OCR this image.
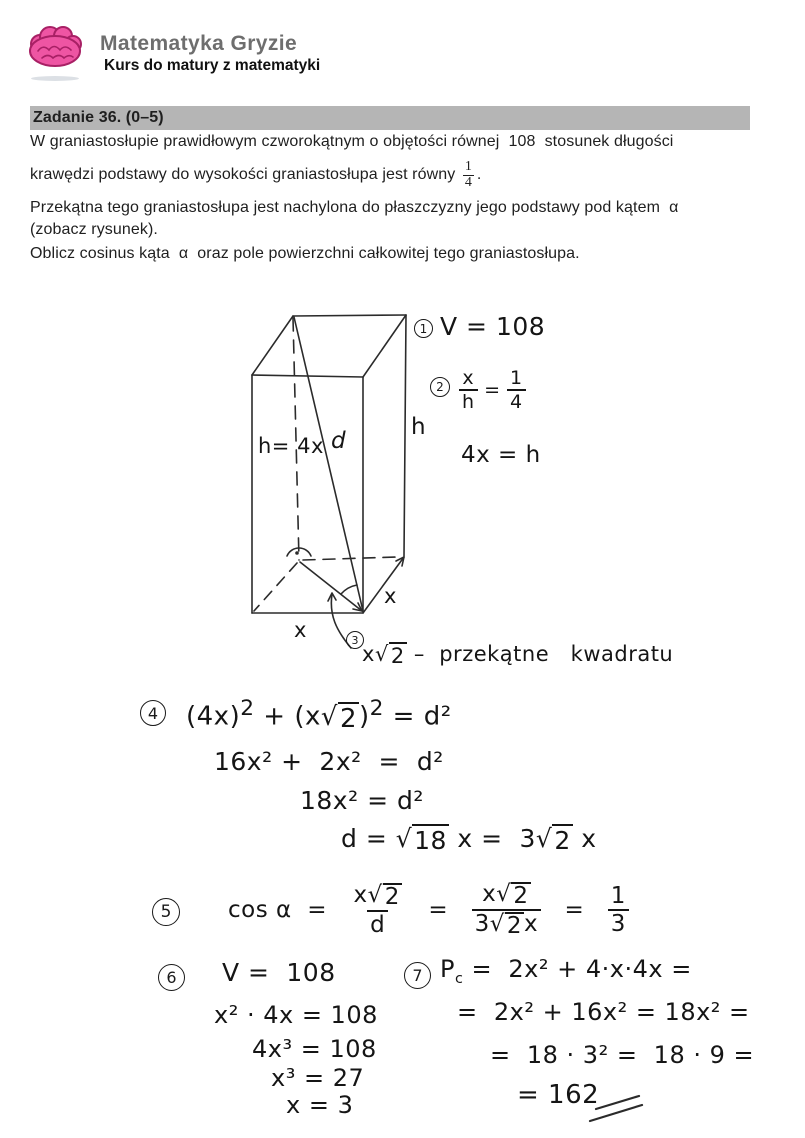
Matematyka Gryzie
Kurs do matury z matematyki
Zadanie 36. (0–5)
W graniastosłupie prawidłowym czworokątnym o objętości równej  108  stosunek długości
krawędzi podstawy do wysokości graniastosłupa jest równy $\frac{1}{4}$ .
Przekątna tego graniastosłupa jest nachylona do płaszczyzny jego podstawy pod kątem  α
(zobacz rysunek).
Oblicz cosinus kąta  α  oraz pole powierzchni całkowitej tego graniastosłupa.
h= 4x d
h
x
x
1 V = 108
$2 \frac{x}{h} = \frac{1}{4}$
4x = h
3
x √ 2 –  przekątne   kwadratu
4	$(4x)^2 + (x$ √ 2 )$^2$ = d²
16x² +  2x²  =  d²
18x² = d²
d = √ 18 x =  3 √ 2 x
5	$\cos \alpha = \frac{x √ 2}{d} = \frac{x √ 2}{3 √ 2 x} = \frac{1}{3}$
6	V =  108
x² · 4x = 108
4x³ = 108
x³ = 27
x = 3
7 $P_c = 2x^2 + 4\cdot x\cdot 4x$ =
=  2x² + 16x² = 18x² =
=  18 · 3² =  18 · 9 =
= 162
